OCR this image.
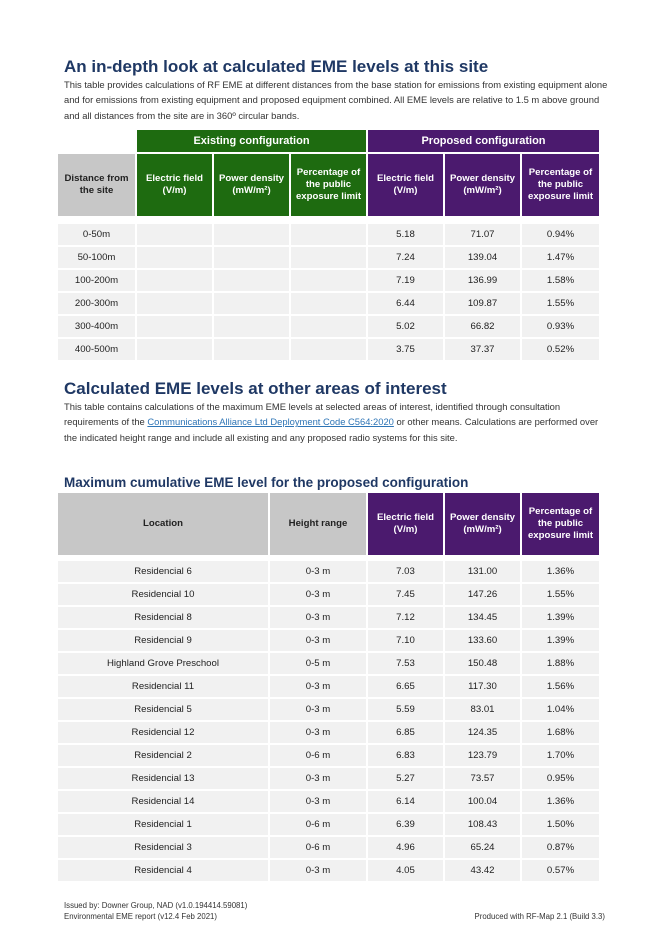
An in-depth look at calculated EME levels at this site
This table provides calculations of RF EME at different distances from the base station for emissions from existing equipment alone and for emissions from existing equipment and proposed equipment combined. All EME levels are relative to 1.5 m above ground and all distances from the site are in 360º circular bands.
	Existing configuration			Proposed configuration		
Distance from the site	Electric field (V/m)	Power density (mW/m²)	Percentage of the public exposure limit	Electric field (V/m)	Power density (mW/m²)	Percentage of the public exposure limit

0-50m				5.18	71.07	0.94%
50-100m				7.24	139.04	1.47%
100-200m				7.19	136.99	1.58%
200-300m				6.44	109.87	1.55%
300-400m				5.02	66.82	0.93%
400-500m				3.75	37.37	0.52%
Calculated EME levels at other areas of interest
This table contains calculations of the maximum EME levels at selected areas of interest, identified through consultation requirements of the Communications Alliance Ltd Deployment Code C564:2020 or other means. Calculations are performed over the indicated height range and include all existing and any proposed radio systems for this site.
Maximum cumulative EME level for the proposed configuration
Location	Height range	Electric field (V/m)	Power density (mW/m²)	Percentage of the public exposure limit

Residencial 6	0-3 m	7.03	131.00	1.36%
Residencial 10	0-3 m	7.45	147.26	1.55%
Residencial 8	0-3 m	7.12	134.45	1.39%
Residencial 9	0-3 m	7.10	133.60	1.39%
Highland Grove Preschool	0-5 m	7.53	150.48	1.88%
Residencial 11	0-3 m	6.65	117.30	1.56%
Residencial 5	0-3 m	5.59	83.01	1.04%
Residencial 12	0-3 m	6.85	124.35	1.68%
Residencial 2	0-6 m	6.83	123.79	1.70%
Residencial 13	0-3 m	5.27	73.57	0.95%
Residencial 14	0-3 m	6.14	100.04	1.36%
Residencial 1	0-6 m	6.39	108.43	1.50%
Residencial 3	0-6 m	4.96	65.24	0.87%
Residencial 4	0-3 m	4.05	43.42	0.57%
Issued by: Downer Group, NAD (v1.0.194414.59081)
Environmental EME report (v12.4 Feb 2021)	Produced with RF-Map 2.1 (Build 3.3)
